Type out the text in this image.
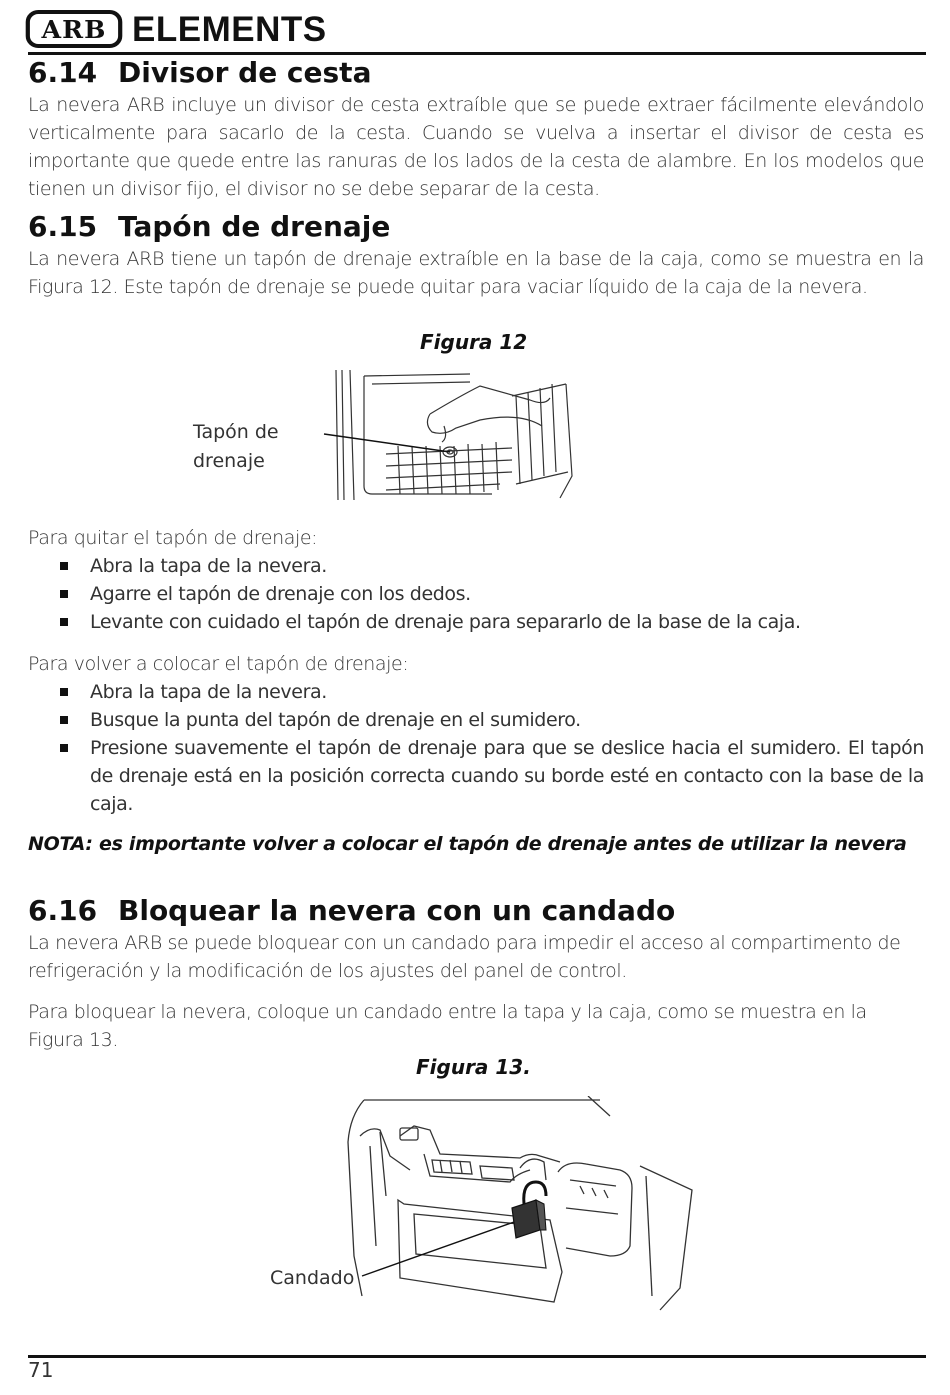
ARB ELEMENTS
6.14 Divisor de cesta

La nevera ARB incluye un divisor de cesta extraíble que se puede extraer fácilmente elevándolo verticalmente para sacarlo de la cesta. Cuando se vuelva a insertar el divisor de cesta es importante que quede entre las ranuras de los lados de la cesta de alambre. En los modelos que tienen un divisor fijo, el divisor no se debe separar de la cesta.

6.15 Tapón de drenaje

La nevera ARB tiene un tapón de drenaje extraíble en la base de la caja, como se muestra en la Figura 12. Este tapón de drenaje se puede quitar para vaciar líquido de la caja de la nevera.

Figura 12

Tapón de

drenaje

Para quitar el tapón de drenaje:

Abra la tapa de la nevera.
Agarre el tapón de drenaje con los dedos.
Levante con cuidado el tapón de drenaje para separarlo de la base de la caja.

Para volver a colocar el tapón de drenaje:

Abra la tapa de la nevera.
Busque la punta del tapón de drenaje en el sumidero.
Presione suavemente el tapón de drenaje para que se deslice hacia el sumidero. El tapón de drenaje está en la posición correcta cuando su borde esté en contacto con la base de la caja.

NOTA: es importante volver a colocar el tapón de drenaje antes de utilizar la nevera

6.16 Bloquear la nevera con un candado

La nevera ARB se puede bloquear con un candado para impedir el acceso al compartimento de refrigeración y la modificación de los ajustes del panel de control.

Para bloquear la nevera, coloque un candado entre la tapa y la caja, como se muestra en la Figura 13.

Figura 13.

Candado

71
